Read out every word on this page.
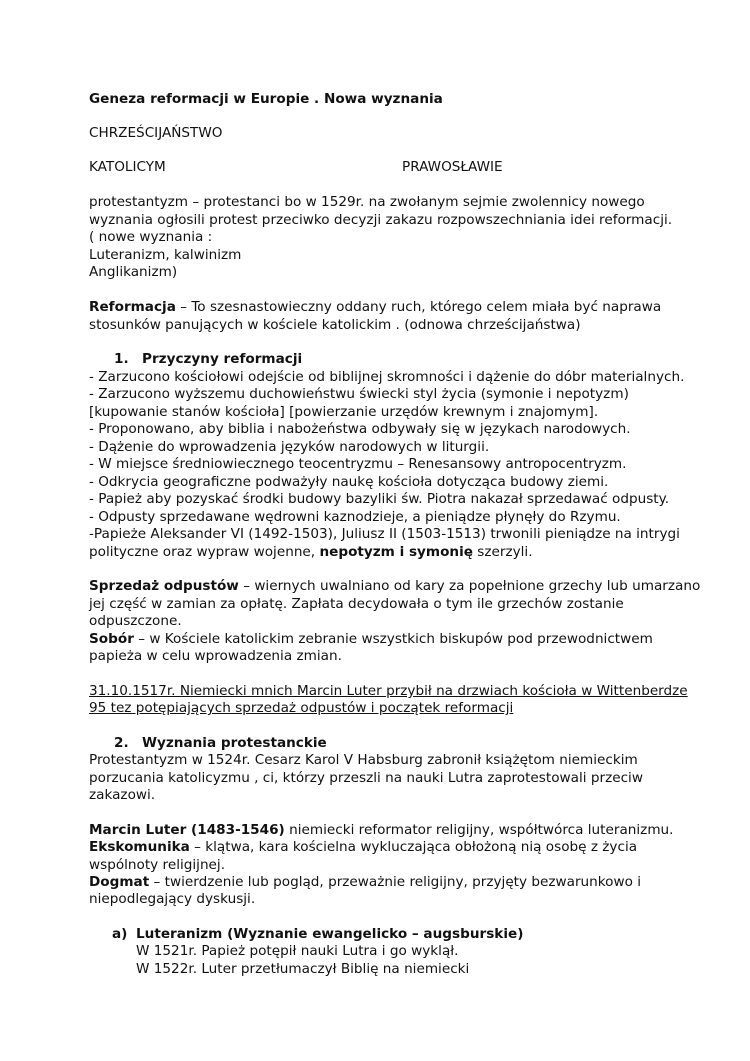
Geneza reformacji w Europie . Nowa wyznania
CHRZEŚCIJAŃSTWO
KATOLICYM	PRAWOSŁAWIE
protestantyzm – protestanci bo w 1529r. na zwołanym sejmie zwolennicy nowego
wyznania ogłosili protest przeciwko decyzji zakazu rozpowszechniania idei reformacji.
( nowe wyznania :
Luteranizm, kalwinizm
Anglikanizm)
Reformacja – To szesnastowieczny oddany ruch, którego celem miała być naprawa
stosunków panujących w kościele katolickim . (odnowa chrześcijaństwa)
1. Przyczyny reformacji
- Zarzucono kościołowi odejście od biblijnej skromności i dążenie do dóbr materialnych.
- Zarzucono wyższemu duchowieństwu świecki styl życia (symonie i nepotyzm)
[kupowanie stanów kościoła] [powierzanie urzędów krewnym i znajomym].
- Proponowano, aby biblia i nabożeństwa odbywały się w językach narodowych.
- Dążenie do wprowadzenia języków narodowych w liturgii.
- W miejsce średniowiecznego teocentryzmu – Renesansowy antropocentryzm.
- Odkrycia geograficzne podważyły naukę kościoła dotycząca budowy ziemi.
- Papież aby pozyskać środki budowy bazyliki św. Piotra nakazał sprzedawać odpusty.
- Odpusty sprzedawane wędrowni kaznodzieje, a pieniądze płynęły do Rzymu.
-Papieże Aleksander VI (1492-1503), Juliusz II (1503-1513) trwonili pieniądze na intrygi
polityczne oraz wypraw wojenne, nepotyzm i symonię szerzyli.
Sprzedaż odpustów – wiernych uwalniano od kary za popełnione grzechy lub umarzano
jej część w zamian za opłatę. Zapłata decydowała o tym ile grzechów zostanie
odpuszczone.
Sobór – w Kościele katolickim zebranie wszystkich biskupów pod przewodnictwem
papieża w celu wprowadzenia zmian.
31.10.1517r. Niemiecki mnich Marcin Luter przybił na drzwiach kościoła w Wittenberdze
95 tez potępiających sprzedaż odpustów i początek reformacji
2. Wyznania protestanckie
Protestantyzm w 1524r. Cesarz Karol V Habsburg zabronił książętom niemieckim
porzucania katolicyzmu , ci, którzy przeszli na nauki Lutra zaprotestowali przeciw
zakazowi.
Marcin Luter (1483-1546) niemiecki reformator religijny, współtwórca luteranizmu.
Ekskomunika – klątwa, kara kościelna wykluczająca obłożoną nią osobę z życia
wspólnoty religijnej.
Dogmat – twierdzenie lub pogląd, przeważnie religijny, przyjęty bezwarunkowo i
niepodlegający dyskusji.
a) Luteranizm (Wyznanie ewangelicko – augsburskie)
W 1521r. Papież potępił nauki Lutra i go wyklął.
W 1522r. Luter przetłumaczył Biblię na niemiecki
